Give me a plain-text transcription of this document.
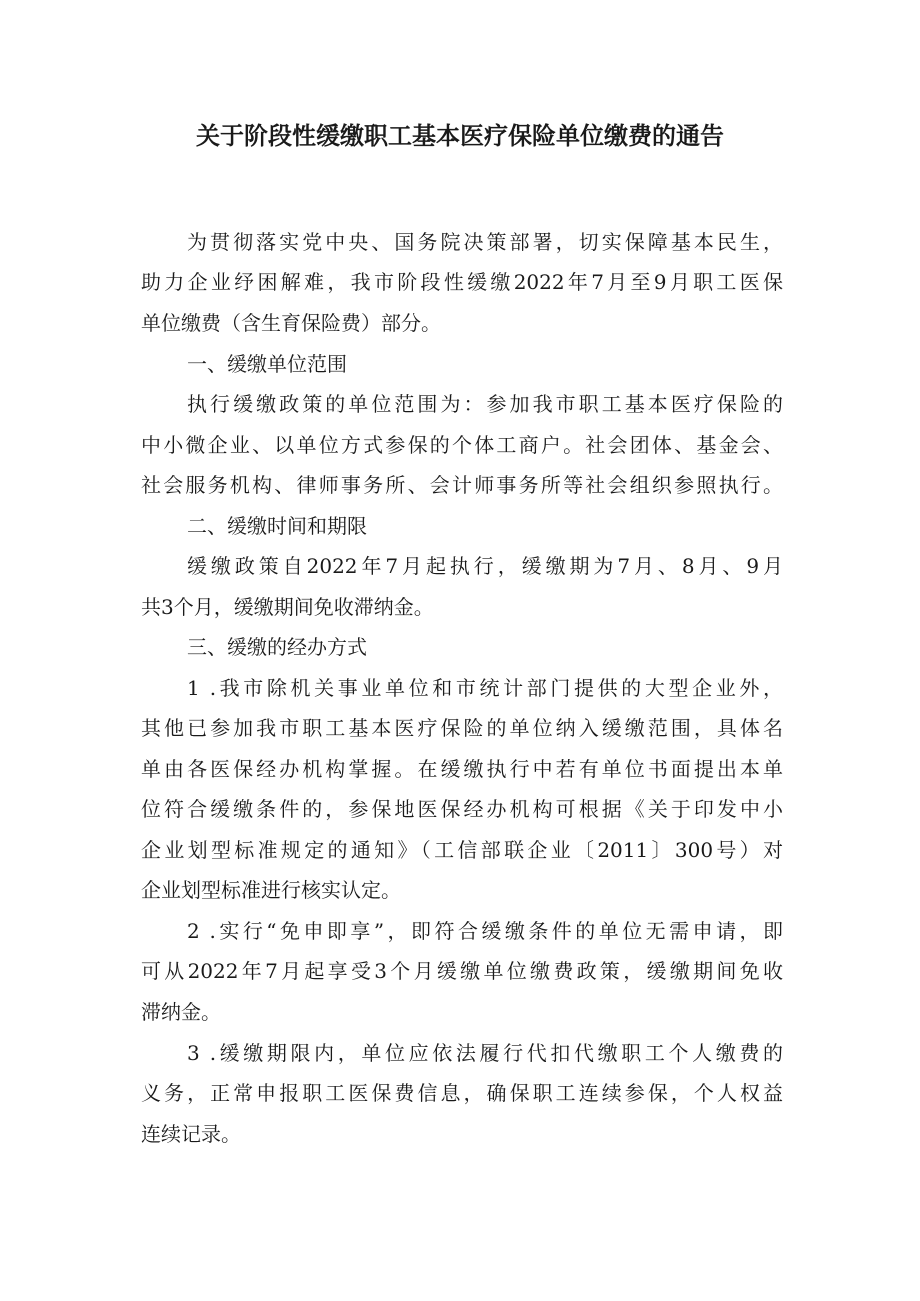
关于阶段性缓缴职工基本医疗保险单位缴费的通告

为贯彻落实党中央、国务院决策部署，切实保障基本民生，

助力企业纾困解难，我市阶段性缓缴2022年7月至9月职工医保

单位缴费（含生育保险费）部分。

一、缓缴单位范围

执行缓缴政策的单位范围为：参加我市职工基本医疗保险的

中小微企业、以单位方式参保的个体工商户。社会团体、基金会、

社会服务机构、律师事务所、会计师事务所等社会组织参照执行。

二、缓缴时间和期限

缓缴政策自2022年7月起执行，缓缴期为7月、8月、9月

共3个月，缓缴期间免收滞纳金。

三、缓缴的经办方式

1 .我市除机关事业单位和市统计部门提供的大型企业外，

其他已参加我市职工基本医疗保险的单位纳入缓缴范围，具体名

单由各医保经办机构掌握。在缓缴执行中若有单位书面提出本单

位符合缓缴条件的，参保地医保经办机构可根据《关于印发中小

企业划型标准规定的通知》（工信部联企业〔2011〕300号）对

企业划型标准进行核实认定。

2 .实行“免申即享”，即符合缓缴条件的单位无需申请，即

可从2022年7月起享受3个月缓缴单位缴费政策，缓缴期间免收

滞纳金。

3 .缓缴期限内，单位应依法履行代扣代缴职工个人缴费的

义务，正常申报职工医保费信息，确保职工连续参保，个人权益

连续记录。
